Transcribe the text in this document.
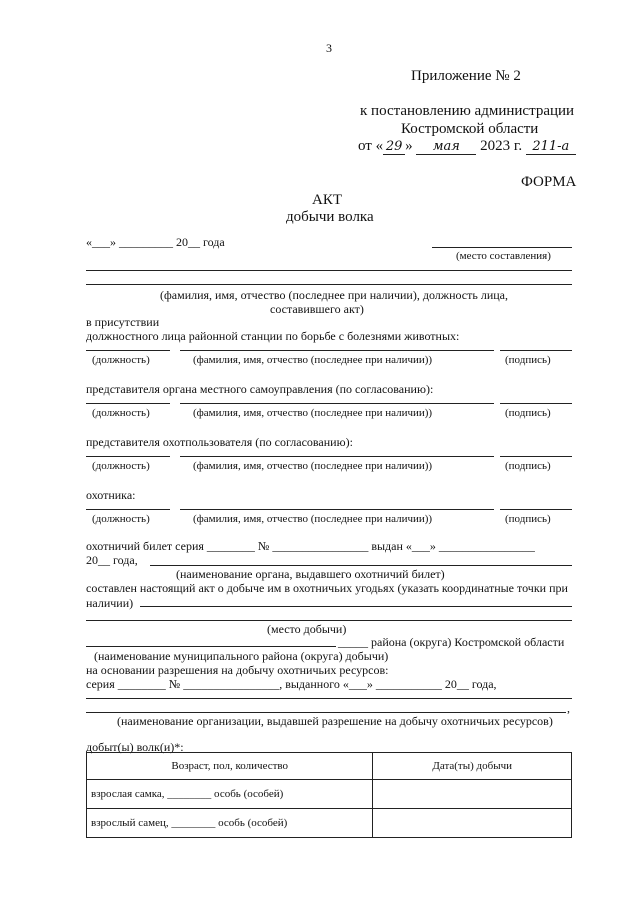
3
Приложение № 2
к постановлению администрации
Костромской области
от « 29 » мая 2023 г. 211-а
ФОРМА
АКТ
добычи волка
«___» _________ 20__ года
(место составления)
(фамилия, имя, отчество (последнее при наличии), должность лица,
составившего акт)
в присутствии
должностного лица районной станции по борьбе с болезнями животных:
(должность)	(фамилия, имя, отчество (последнее при наличии))	(подпись)
представителя органа местного самоуправления (по согласованию):
(должность)	(фамилия, имя, отчество (последнее при наличии))	(подпись)
представителя охотпользователя (по согласованию):
(должность)	(фамилия, имя, отчество (последнее при наличии))	(подпись)
охотника:
(должность)	(фамилия, имя, отчество (последнее при наличии))	(подпись)
охотничий билет серия ________ № ________________ выдан «___» ________________
20__ года,
(наименование органа, выдавшего охотничий билет)
составлен настоящий акт о добыче им в охотничьих угодьях (указать координатные точки при
наличии)
(место добычи)
_____ района (округа) Костромской области
(наименование муниципального района (округа) добычи)
на основании разрешения на добычу охотничьих ресурсов:
серия ________ № ________________, выданного «___» ___________ 20__ года,
,
(наименование организации, выдавшей разрешение на добычу охотничьих ресурсов)
добыт(ы) волк(и)*:
Возраст, пол, количество	Дата(ты) добычи
взрослая самка, ________ особь (особей)	
взрослый самец, ________ особь (особей)	
